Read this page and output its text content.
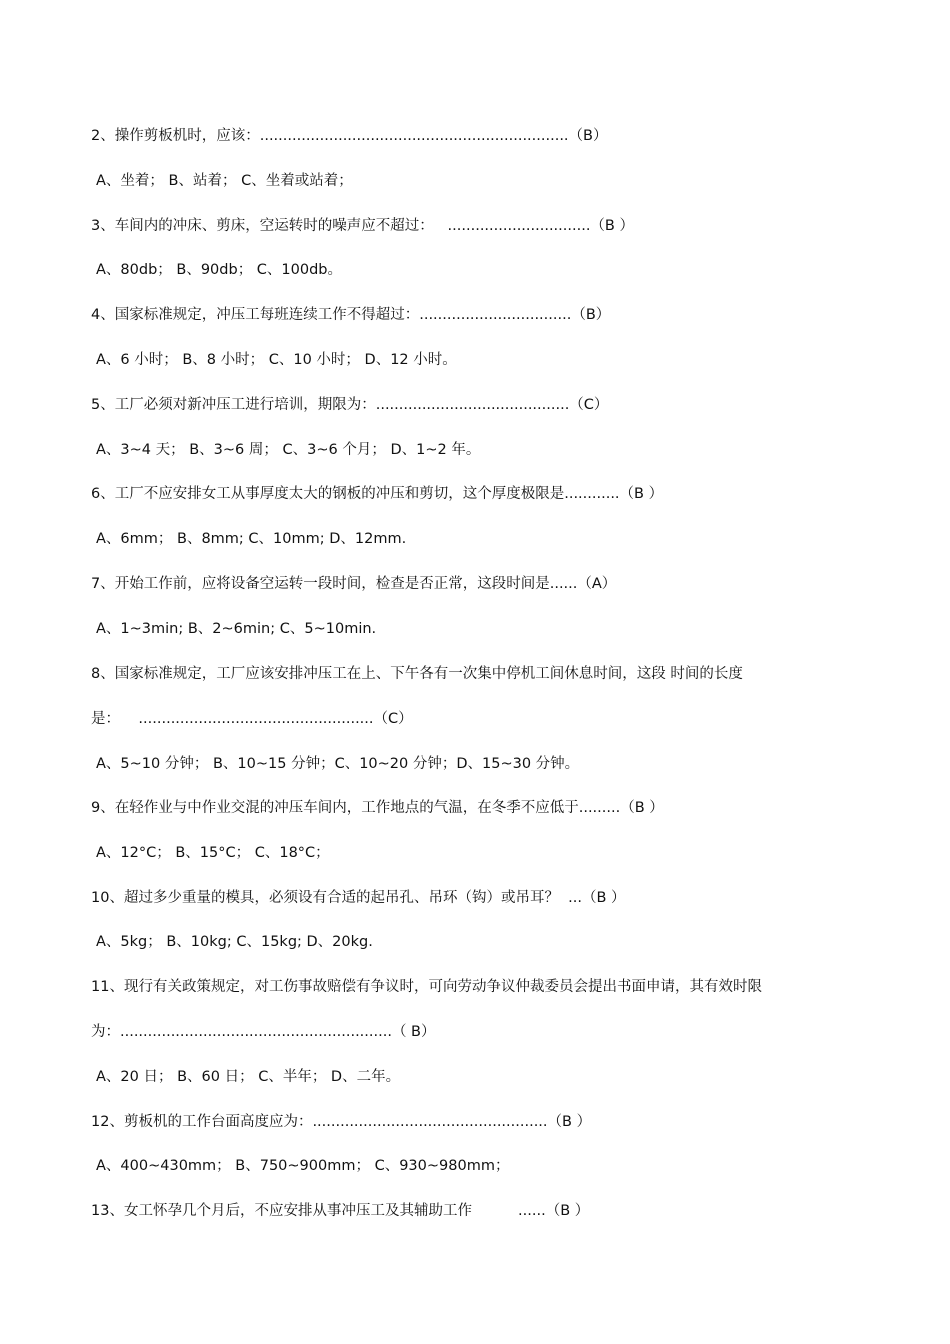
2、操作剪板机时，应该：...................................................................（B）
A、坐着； B、站着； C、坐着或站着；
3、车间内的冲床、剪床，空运转时的噪声应不超过：   ...............................（B ）
A、80db； B、90db； C、100db。
4、国家标准规定，冲压工每班连续工作不得超过：.................................（B）
A、6 小时； B、8 小时； C、10 小时； D、12 小时。
5、工厂必须对新冲压工进行培训，期限为：..........................................（C）
A、3~4 天； B、3~6 周； C、3~6 个月； D、1~2 年。
6、工厂不应安排女工从事厚度太大的钢板的冲压和剪切，这个厚度极限是............（B ）
A、6mm； B、8mm; C、10mm; D、12mm.
7、开始工作前，应将设备空运转一段时间，检查是否正常，这段时间是......（A）
A、1~3min; B、2~6min; C、5~10min.
8、国家标准规定，工厂应该安排冲压工在上、下午各有一次集中停机工间休息时间，这段 时间的长度
是：    ...................................................（C）
A、5~10 分钟； B、10~15 分钟；C、10~20 分钟；D、15~30 分钟。
9、在轻作业与中作业交混的冲压车间内，工作地点的气温，在冬季不应低于.........（B ）
A、12°C； B、15°C； C、18°C；
10、超过多少重量的模具，必须设有合适的起吊孔、吊环（钩）或吊耳？  ...（B ）
A、5kg； B、10kg; C、15kg; D、20kg.
11、现行有关政策规定，对工伤事故赔偿有争议时，可向劳动争议仲裁委员会提出书面申请，其有效时限
为：...........................................................（ B）
A、20 日； B、60 日； C、半年； D、二年。
12、剪板机的工作台面高度应为：...................................................（B ）
A、400~430mm； B、750~900mm； C、930~980mm；
13、女工怀孕几个月后，不应安排从事冲压工及其辅助工作          ......（B ）
